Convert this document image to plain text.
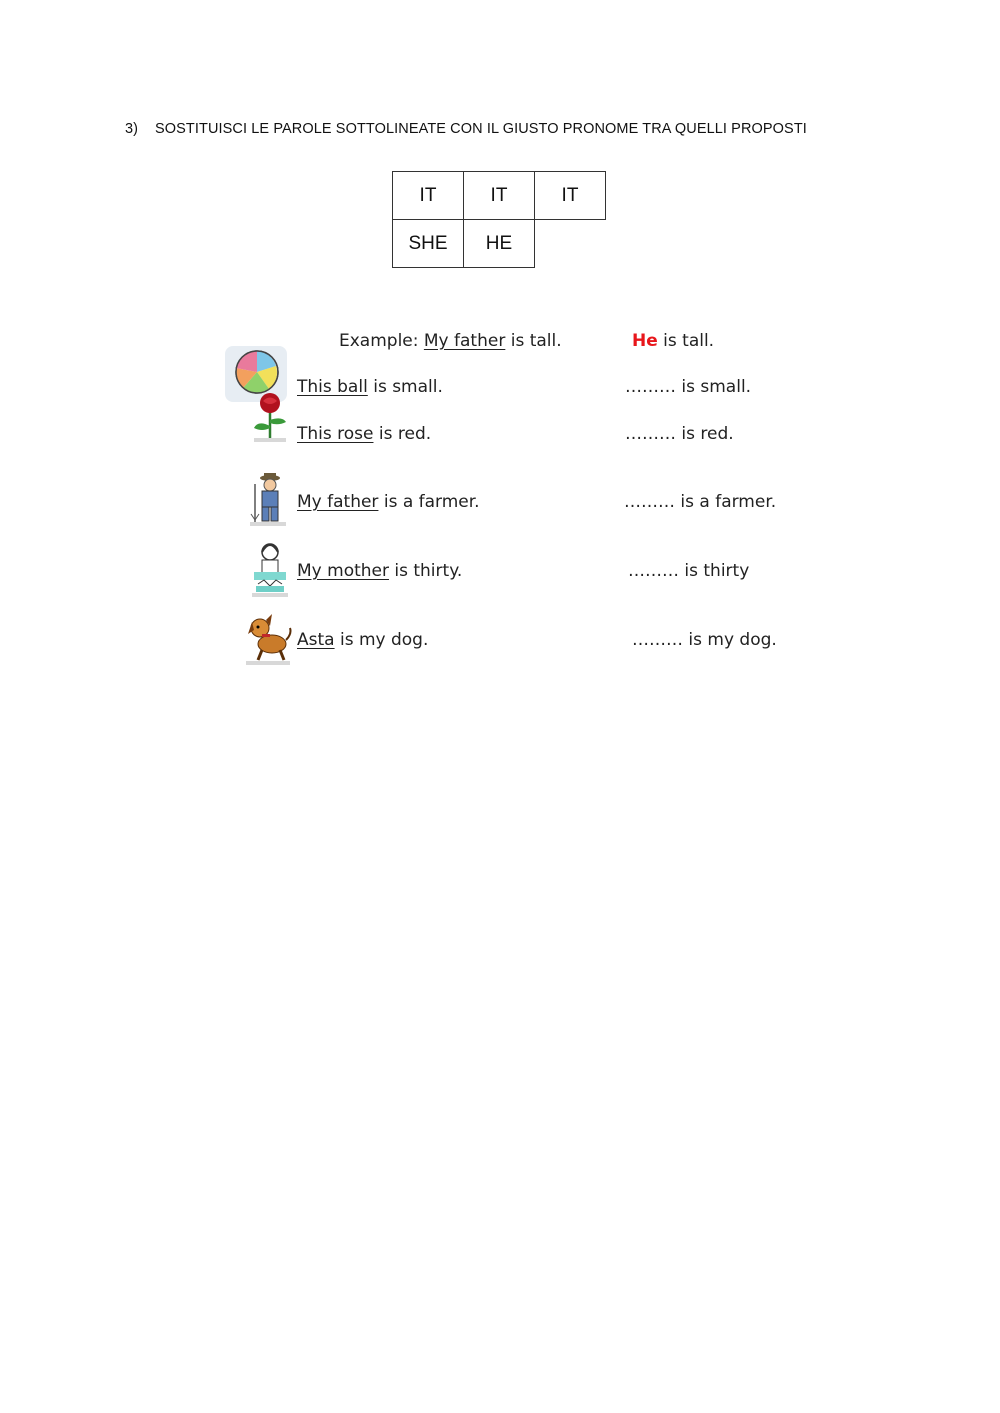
3) SOSTITUISCI LE PAROLE SOTTOLINEATE CON IL GIUSTO PRONOME TRA QUELLI PROPOSTI
IT	IT	IT
SHE	HE	
Example: My father is tall.	He is tall.
This ball is small.	……… is small.
This rose is red.	……… is red.
My father is a farmer.	……… is a farmer.
My mother is thirty.	……… is thirty
Asta is my dog.	……… is my dog.
